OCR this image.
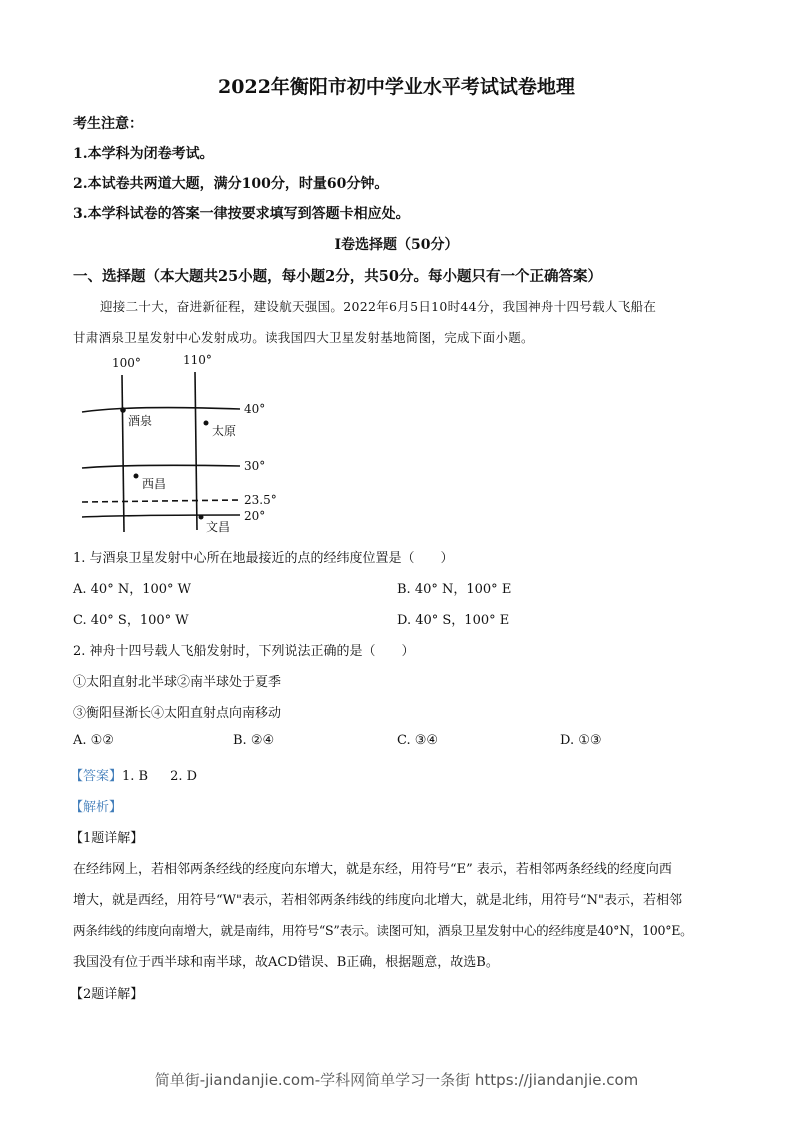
2022年衡阳市初中学业水平考试试卷地理
考生注意：
1.本学科为闭卷考试。
2.本试卷共两道大题，满分100分，时量60分钟。
3.本学科试卷的答案一律按要求填写到答题卡相应处。
Ⅰ卷选择题（50分）
一、选择题（本大题共25小题，每小题2分，共50分。每小题只有一个正确答案）
迎接二十大，奋进新征程，建设航天强国。2022年6月5日10时44分，我国神舟十四号载人飞船在
甘肃酒泉卫星发射中心发射成功。读我国四大卫星发射基地简图，完成下面小题。
100°	110°
40°
30°
23.5°
20°
酒泉
太原
西昌
文昌
1. 与酒泉卫星发射中心所在地最接近的点的经纬度位置是（　　）
A. 40° N，100° W	B. 40° N，100° E
C. 40° S，100° W	D. 40° S，100° E
2. 神舟十四号载人飞船发射时，下列说法正确的是（　　）
①太阳直射北半球②南半球处于夏季
③衡阳昼渐长④太阳直射点向南移动
A. ①②	B. ②④	C. ③④	D. ①③
【答案】1. B 2. D
【解析】
【1题详解】
在经纬网上，若相邻两条经线的经度向东增大，就是东经，用符号“E” 表示，若相邻两条经线的经度向西
增大，就是西经，用符号“W"表示，若相邻两条纬线的纬度向北增大，就是北纬，用符号“N"表示，若相邻
两条纬线的纬度向南增大，就是南纬，用符号“S”表示。读图可知，酒泉卫星发射中心的经纬度是40°N，100°E。
我国没有位于西半球和南半球，故ACD错误、B正确，根据题意，故选B。
【2题详解】
简单街-jiandanjie.com-学科网简单学习一条街 https://jiandanjie.com
